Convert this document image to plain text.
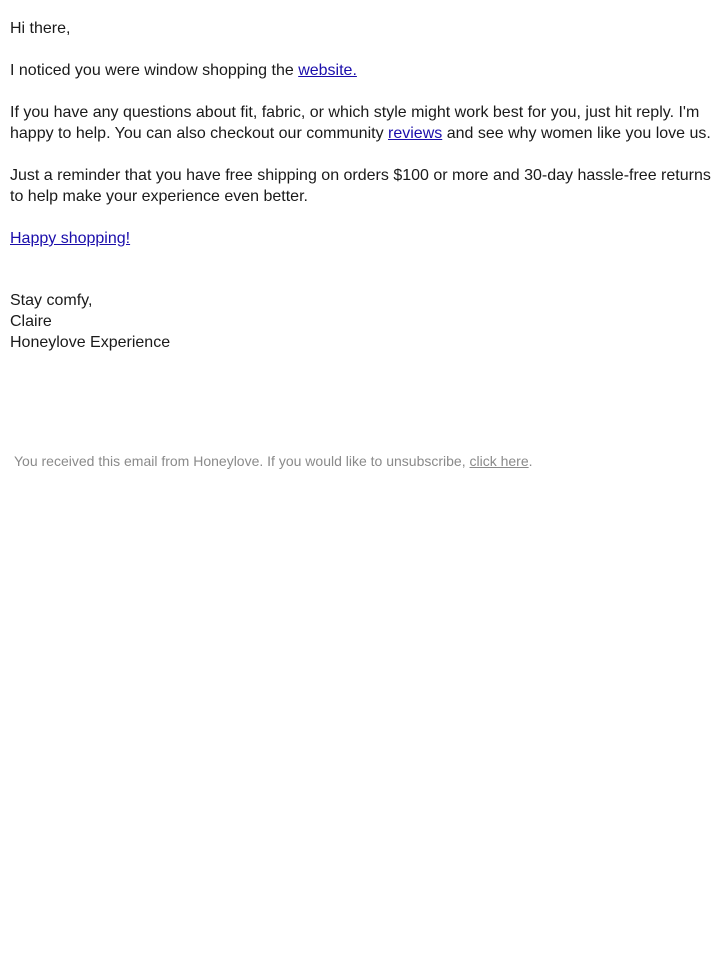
Hi there,

I noticed you were window shopping the website.

If you have any questions about fit, fabric, or which style might work best for you, just hit reply. I'm happy to help. You can also checkout our community reviews and see why women like you love us.

Just a reminder that you have free shipping on orders $100 or more and 30-day hassle-free returns to help make your experience even better.

Happy shopping!

Stay comfy,

Claire

Honeylove Experience

You received this email from Honeylove. If you would like to unsubscribe, click here.
